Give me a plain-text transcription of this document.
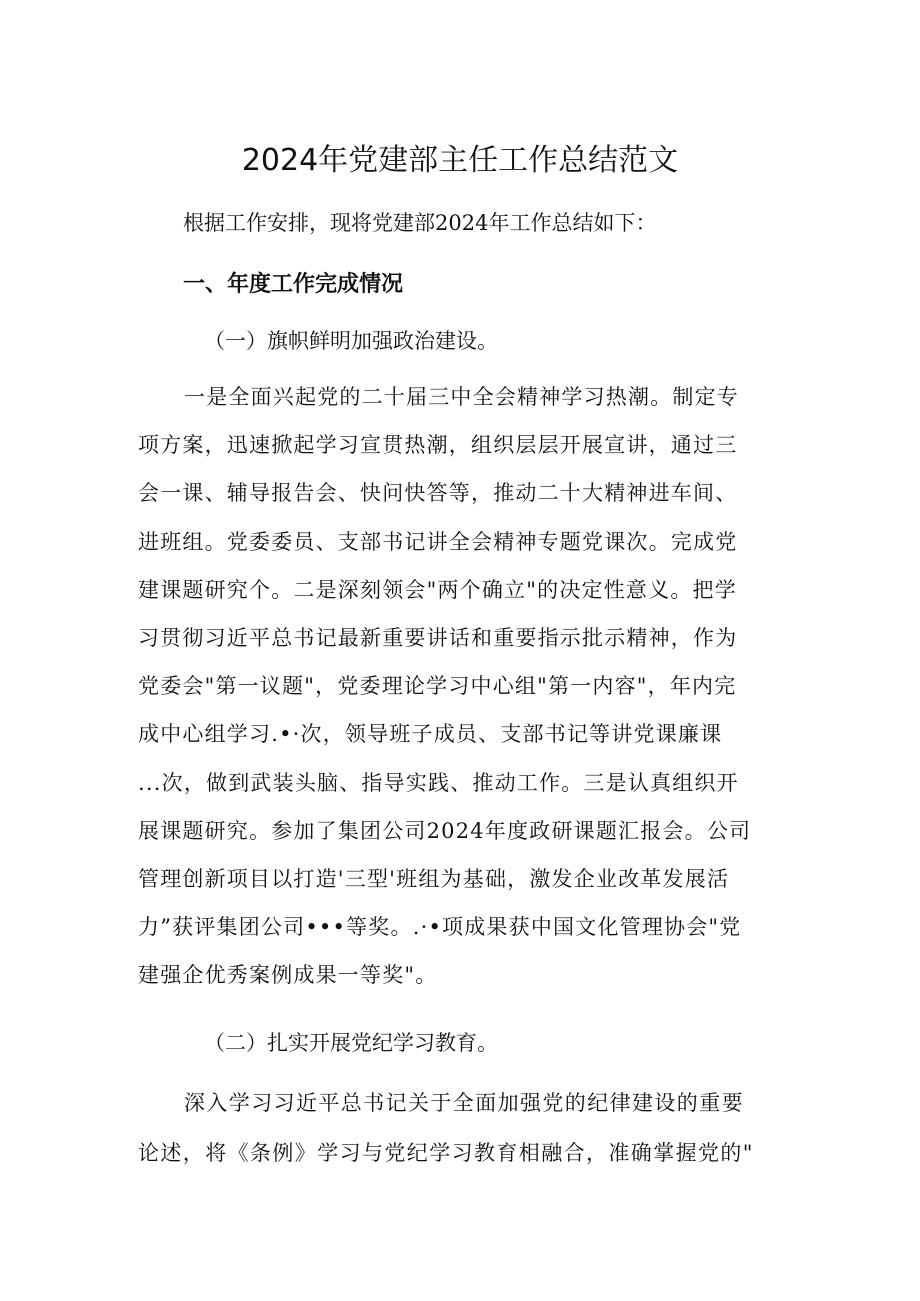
2024年党建部主任工作总结范文

根据工作安排，现将党建部2024年工作总结如下：

一、年度工作完成情况

（一）旗帜鲜明加强政治建设。

一是全面兴起党的二十届三中全会精神学习热潮。制定专
项方案，迅速掀起学习宣贯热潮，组织层层开展宣讲，通过三
会一课、辅导报告会、快问快答等，推动二十大精神进车间、
进班组。党委委员、支部书记讲全会精神专题党课次。完成党
建课题研究个。二是深刻领会"两个确立"的决定性意义。把学
习贯彻习近平总书记最新重要讲话和重要指示批示精神，作为
党委会"第一议题"，党委理论学习中心组"第一内容"，年内完
成中心组学习.•·次，领导班子成员、支部书记等讲党课廉课
...次，做到武装头脑、指导实践、推动工作。三是认真组织开
展课题研究。参加了集团公司2024年度政研课题汇报会。公司
管理创新项目以打造'三型'班组为基础，激发企业改革发展活
力”获评集团公司•••等奖。.·•项成果获中国文化管理协会"党
建强企优秀案例成果一等奖"。

（二）扎实开展党纪学习教育。

深入学习习近平总书记关于全面加强党的纪律建设的重要
论述，将《条例》学习与党纪学习教育相融合，准确掌握党的"
